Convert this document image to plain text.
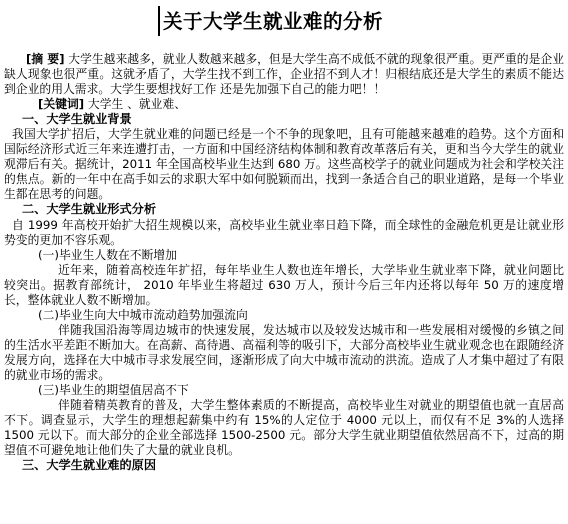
关于大学生就业难的分析

[摘 要] 大学生越来越多，就业人数越来越多，但是大学生高不成低不就的现象很严重。更严重的是企业缺人现象也很严重。这就矛盾了，大学生找不到工作，企业招不到人才！归根结底还是大学生的素质不能达到企业的用人需求。大学生要想找好工作 还是先加强下自己的能力吧！！

[关键词] 大学生 、就业难、

一、大学生就业背景

我国大学扩招后，大学生就业难的问题已经是一个不争的现象吧，且有可能越来越难的趋势。这个方面和国际经济形式近三年来连遭打击，一方面和中国经济结构体制和教育改革落后有关，更和当今大学生的就业观滞后有关。据统计，2011 年全国高校毕业生达到 680 万。这些高校学子的就业问题成为社会和学校关注的焦点。新的一年中在高手如云的求职大军中如何脱颖而出，找到一条适合自己的职业道路，是每一个毕业生都在思考的问题。

二、大学生就业形式分析

自 1999 年高校开始扩大招生规模以来，高校毕业生就业率日趋下降，而全球性的金融危机更是让就业形势变的更加不容乐观。

(一)毕业生人数在不断增加

近年来，随着高校连年扩招，每年毕业生人数也连年增长，大学毕业生就业率下降，就业问题比较突出。据教育部统计， 2010 年毕业生将超过 630 万人，预计今后三年内还将以每年 50 万的速度增长，整体就业人数不断增加。

(二)毕业生向大中城市流动趋势加强流向

伴随我国沿海等周边城市的快速发展，发达城市以及较发达城市和一些发展相对缓慢的乡镇之间的生活水平差距不断加大。在高薪、高待遇、高福利等的吸引下，大部分高校毕业生就业观念也在跟随经济发展方向，选择在大中城市寻求发展空间，逐渐形成了向大中城市流动的洪流。造成了人才集中超过了有限的就业市场的需求。

(三)毕业生的期望值居高不下

伴随着精英教育的普及，大学生整体素质的不断提高，高校毕业生对就业的期望值也就一直居高不下。调查显示，大学生的理想起薪集中约有 15%的人定位于 4000 元以上，而仅有不足 3%的人选择 1500 元以下。而大部分的企业全部选择 1500-2500 元。部分大学生就业期望值依然居高不下，过高的期望值不可避免地让他们失了大量的就业良机。

三、大学生就业难的原因
